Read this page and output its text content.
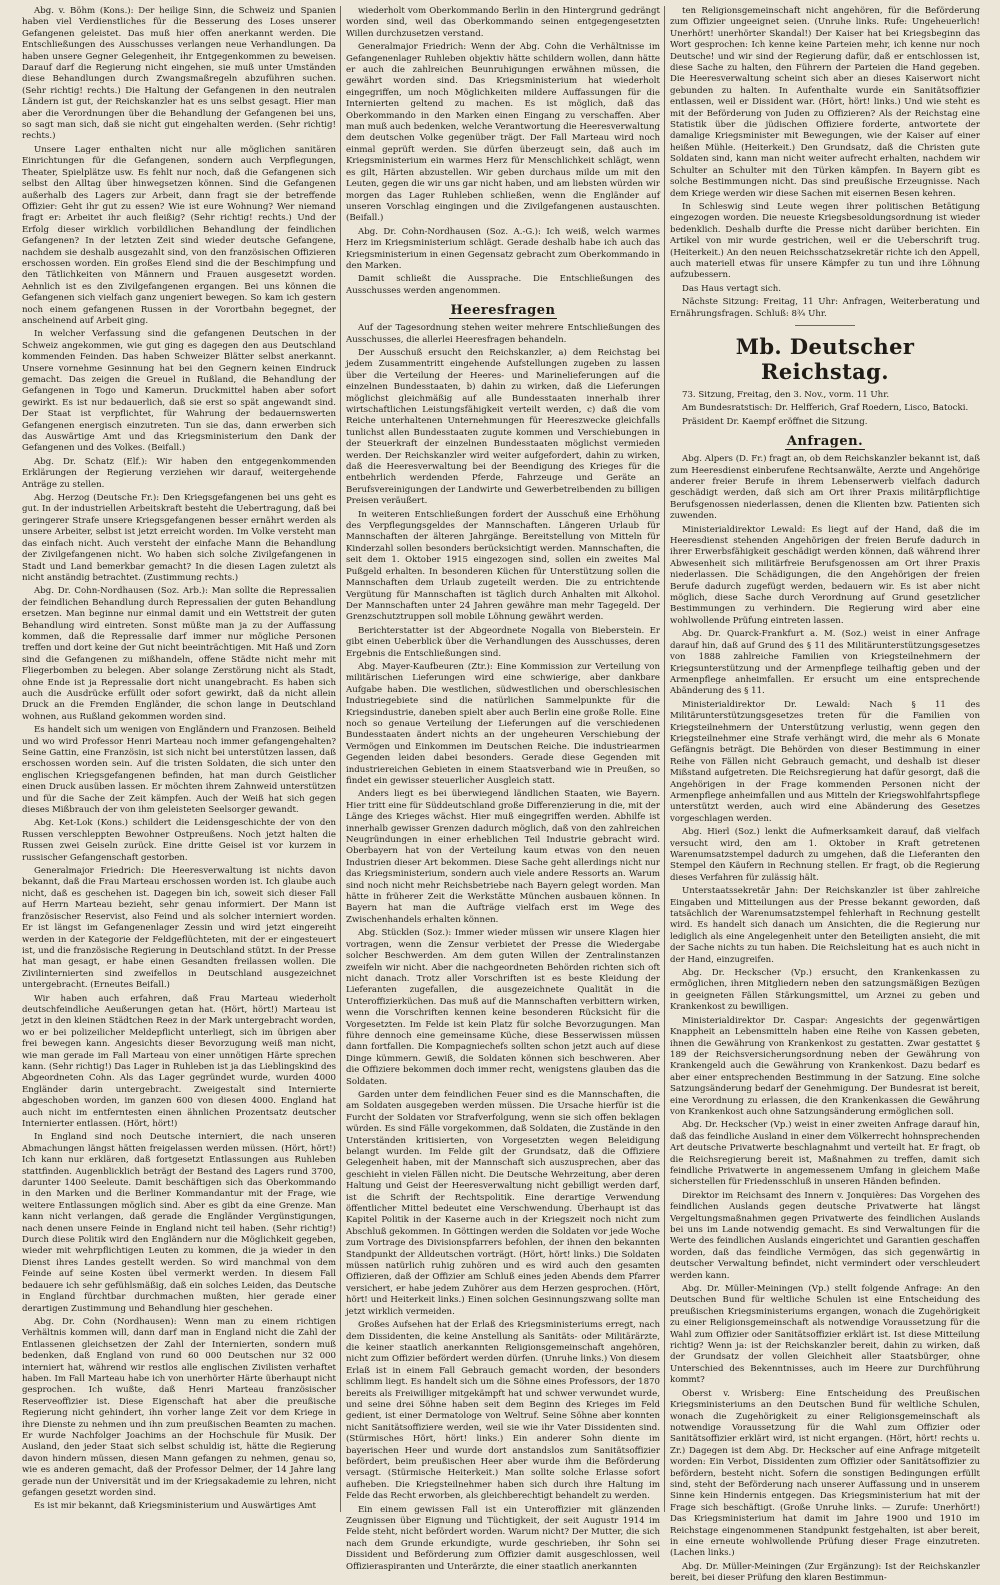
Abg. v. Böhm (Kons.): Der heilige Sinn, die Schweiz und Spanien haben viel Verdienstliches für die Besserung des Loses unserer Gefangenen geleistet. Das muß hier offen anerkannt werden. Die Entschließungen des Ausschusses verlangen neue Verhandlungen. Da haben unsere Gegner Gelegenheit, ihr Entgegenkommen zu beweisen. Darauf darf die Regierung nicht eingehen, sie muß unter Umständen diese Behandlungen durch Zwangsmaßregeln abzuführen suchen. (Sehr richtig! rechts.) Die Haltung der Gefangenen in den neutralen Ländern ist gut, der Reichskanzler hat es uns selbst gesagt. Hier man aber die Verordnungen über die Behandlung der Gefangenen bei uns, so sagt man sich, daß sie nicht gut eingehalten werden. (Sehr richtig! rechts.)

Unsere Lager enthalten nicht nur alle möglichen sanitären Einrichtungen für die Gefangenen, sondern auch Verpflegungen, Theater, Spielplätze usw. Es fehlt nur noch, daß die Gefangenen sich selbst den Alltag über hinwegsetzen können. Sind die Gefangenen außerhalb des Lagers zur Arbeit, dann fragt sie der betreffende Offizier: Geht ihr gut zu essen? Wie ist eure Wohnung? Wer niemand fragt er: Arbeitet ihr auch fleißig? (Sehr richtig! rechts.) Und der Erfolg dieser wirklich vorbildlichen Behandlung der feindlichen Gefangenen? In der letzten Zeit sind wieder deutsche Gefangene, nachdem sie deshalb ausgezahlt sind, von den französischen Offizieren erschossen worden. Ein großes Elend sind die der Beschimpfung und den Tätlichkeiten von Männern und Frauen ausgesetzt worden. Aehnlich ist es den Zivilgefangenen ergangen. Bei uns können die Gefangenen sich vielfach ganz ungeniert bewegen. So kam ich gestern noch einem gefangenen Russen in der Vorortbahn begegnet, der anscheinend auf Arbeit ging.

In welcher Verfassung sind die gefangenen Deutschen in der Schweiz angekommen, wie gut ging es dagegen den aus Deutschland kommenden Feinden. Das haben Schweizer Blätter selbst anerkannt. Unsere vornehme Gesinnung hat bei den Gegnern keinen Eindruck gemacht. Das zeigen die Greuel in Rußland, die Behandlung der Gefangenen in Togo und Kamerun. Druckmittel haben aber sofort gewirkt. Es ist nur bedauerlich, daß sie erst so spät angewandt sind. Der Staat ist verpflichtet, für Wahrung der bedauernswerten Gefangenen energisch einzutreten. Tun sie das, dann erwerben sich das Auswärtige Amt und das Kriegsministerium den Dank der Gefangenen und des Volkes. (Beifall.)

Abg. Dr. Schatz (Elf.): Wir haben den entgegenkommenden Erklärungen der Regierung verziehen wir darauf, weitergehende Anträge zu stellen.

Abg. Herzog (Deutsche Fr.): Den Kriegsgefangenen bei uns geht es gut. In der industriellen Arbeitskraft besteht die Uebertragung, daß bei geringerer Strafe unsere Kriegsgefangenen besser ernährt werden als unsere Arbeiter, selbst ist jetzt erreicht worden. Im Volke versteht man das einfach nicht. Auch versteht der einfache Mann die Behandlung der Zivilgefangenen nicht. Wo haben sich solche Zivilgefangenen in Stadt und Land bemerkbar gemacht? In die diesen Lagen zuletzt als nicht anständig betrachtet. (Zustimmung rechts.)

Abg. Dr. Cohn-Nordhausen (Soz. Arb.): Man sollte die Repressalien der feindlichen Behandlung durch Repressalien der guten Behandlung ersetzen. Man beginne nur einmal damit und ein Wettstreit der guten Behandlung wird eintreten. Sonst müßte man ja zu der Auffassung kommen, daß die Repressalie darf immer nur mögliche Personen treffen und dort keine der Gut nicht beeinträchtigen. Mit Haß und Zorn sind die Gefangenen zu mißhandeln, offene Städte nicht mehr mit Fliegerbomben zu belegen. Aber solange Zerstörung nicht als Stadt, ohne Ende ist ja Repressalie dort nicht unangebracht. Es haben sich auch die Ausdrücke erfüllt oder sofort gewirkt, daß da nicht allein Druck an die Fremden Engländer, die schon lange in Deutschland wohnen, aus Rußland gekommen worden sind.

Es handelt sich um wenigen von Engländern und Franzosen. Beiheld und wo wird Professor Henri Marteau noch immer gefangengehalten? Seine Gattin, eine Französin, ist sich nicht bei unterstützen lassen, daß erschossen worden sein. Auf die tristen Soldaten, die sich unter den englischen Kriegsgefangenen befinden, hat man durch Geistlicher einen Druck ausüben lassen. Er möchten ihrem Zahnweid unterstützen und für die Sache der Zeit kämpfen. Auch der Weiß hat sich gegen dieses Mißbrauch der von ihm geleisteten Seelsorger gewandt.

Abg. Ket-Lok (Kons.) schildert die Leidensgeschichte der von den Russen verschleppten Bewohner Ostpreußens. Noch jetzt halten die Russen zwei Geiseln zurück. Eine dritte Geisel ist vor kurzem in russischer Gefangenschaft gestorben.

Generalmajor Friedrich: Die Heeresverwaltung ist nichts davon bekannt, daß die Frau Marteau erschossen worden ist. Ich glaube auch nicht, daß es geschehen ist. Dagegen bin ich, soweit sich dieser Fall auf Herrn Marteau bezieht, sehr genau informiert. Der Mann ist französischer Reservist, also Feind und als solcher interniert worden. Er ist längst im Gefangenenlager Zessin und wird jetzt eingereiht werden in der Kategorie der Feldgeflüchteten, mit der er eingesteuert ist, und die französische Regierung in Deutschland stützt. In der Presse hat man gesagt, er habe einen Gesandten freilassen wollen. Die Zivilinternierten sind zweifellos in Deutschland ausgezeichnet untergebracht. (Erneutes Beifall.)

Wir haben auch erfahren, daß Frau Marteau wiederholt deutschfeindliche Aeußerungen getan hat. (Hört, hört!) Marteau ist jetzt in den kleinen Städtchen Reez in der Mark untergebracht worden, wo er bei polizeilicher Meldepflicht unterliegt, sich im übrigen aber frei bewegen kann. Angesichts dieser Bevorzugung weiß man nicht, wie man gerade im Fall Marteau von einer unnötigen Härte sprechen kann. (Sehr richtig!) Das Lager in Ruhleben ist ja das Lieblingskind des Abgeordneten Cohn. Als das Lager gegründet wurde, wurden 4000 Engländer darin untergebracht. Zweigestalt sind Internierte abgeschoben worden, im ganzen 600 von diesen 4000. England hat auch nicht im entferntesten einen ähnlichen Prozentsatz deutscher Internierter entlassen. (Hört, hört!)

In England sind noch Deutsche interniert, die nach unseren Abmachungen längst hätten freigelassen werden müssen. (Hört, hört!) Ich kann nur erklären, daß fortgesetzt Entlassungen aus Ruhleben stattfinden. Augenblicklich beträgt der Bestand des Lagers rund 3700, darunter 1400 Seeleute. Damit beschäftigen sich das Oberkommando in den Marken und die Berliner Kommandantur mit der Frage, wie weitere Entlassungen möglich sind. Aber es gibt da eine Grenze. Man kann nicht verlangen, daß gerade die Engländer Vergünstigungen, nach denen unsere Feinde in England nicht teil haben. (Sehr richtig!) Durch diese Politik wird den Engländern nur die Möglichkeit gegeben, wieder mit wehrpflichtigen Leuten zu kommen, die ja wieder in den Dienst ihres Landes gestellt werden. So wird manchmal von dem Feinde auf seine Kosten übel vermerkt werden. In diesem Fall bedauere ich sehr gefühlsmäßig, daß ein solches Leiden, das Deutsche in England fürchtbar durchmachen mußten, hier gerade einer derartigen Zustimmung und Behandlung hier geschehen.

Abg. Dr. Cohn (Nordhausen): Wenn man zu einem richtigen Verhältnis kommen will, dann darf man in England nicht die Zahl der Entlassenen gleichsetzen der Zahl der Internierten, sondern muß bedenken, daß England von rund 60 000 Deutschen nur 32 000 interniert hat, während wir restlos alle englischen Zivilisten verhaftet haben. Im Fall Marteau habe ich von unerhörter Härte überhaupt nicht gesprochen. Ich wußte, daß Henri Marteau französischer Reserveoffizier ist. Diese Eigenschaft hat aber die preußische Regierung nicht gehindert, ihn vorher lange Zeit vor dem Kriege in ihre Dienste zu nehmen und ihn zum preußischen Beamten zu machen. Er wurde Nachfolger Joachims an der Hochschule für Musik. Der Ausland, den jeder Staat sich selbst schuldig ist, hätte die Regierung davon hindern müssen, diesen Mann gefangen zu nehmen, genau so, wie es anderen gemacht, daß der Professor Delmer, der 14 Jahre lang gerade nun der Universität und im der Kriegsakademie zu lehren, nicht gefangen gesetzt worden sind.

Es ist mir bekannt, daß Kriegsministerium und Auswärtiges Amt

wiederholt vom Oberkommando Berlin in den Hintergrund gedrängt worden sind, weil das Oberkommando seinen entgegengesetzten Willen durchzusetzen verstand.

Generalmajor Friedrich: Wenn der Abg. Cohn die Verhältnisse im Gefangenenlager Ruhleben objektiv hätte schildern wollen, dann hätte er auch die zahlreichen Beunruhigungen erwähnen müssen, die gewährt worden sind. Das Kriegsministerium hat wiederholt eingegriffen, um noch Möglichkeiten mildere Auffassungen für die Internierten geltend zu machen. Es ist möglich, daß das Oberkommando in den Marken einen Eingang zu verschaffen. Aber man muß auch bedenken, welche Verantwortung die Heeresverwaltung dem deutschen Volke gegenüber trägt. Der Fall Marteau wird noch einmal geprüft werden. Sie dürfen überzeugt sein, daß auch im Kriegsministerium ein warmes Herz für Menschlichkeit schlägt, wenn es gilt, Härten abzustellen. Wir geben durchaus milde um mit den Leuten, gegen die wir uns gar nicht haben, und am liebsten würden wir morgen das Lager Ruhleben schließen, wenn die Engländer auf unseren Vorschlag eingingen und die Zivilgefangenen austauschten. (Beifall.)

Abg. Dr. Cohn-Nordhausen (Soz. A.-G.): Ich weiß, welch warmes Herz im Kriegsministerium schlägt. Gerade deshalb habe ich auch das Kriegsministerium in einen Gegensatz gebracht zum Oberkommando in den Marken.

Damit schließt die Aussprache. Die Entschließungen des Ausschusses werden angenommen.

Heeresfragen

Auf der Tagesordnung stehen weiter mehrere Entschließungen des Ausschusses, die allerlei Heeresfragen behandeln.

Der Ausschuß ersucht den Reichskanzler, a) dem Reichstag bei jedem Zusammentritt eingehende Aufstellungen zugeben zu lassen über die Verteilung der Heeres- und Marinelieferungen auf die einzelnen Bundesstaaten, b) dahin zu wirken, daß die Lieferungen möglichst gleichmäßig auf alle Bundesstaaten innerhalb ihrer wirtschaftlichen Leistungsfähigkeit verteilt werden, c) daß die vom Reiche unterhaltenen Unternehmungen für Heereszwecke gleichfalls tunlichst allen Bundesstaaten zugute kommen und Verschiebungen in der Steuerkraft der einzelnen Bundesstaaten möglichst vermieden werden. Der Reichskanzler wird weiter aufgefordert, dahin zu wirken, daß die Heeresverwaltung bei der Beendigung des Krieges für die entbehrlich werdenden Pferde, Fahrzeuge und Geräte an Berufsvereinigungen der Landwirte und Gewerbetreibenden zu billigen Preisen veräußert.

In weiteren Entschließungen fordert der Ausschuß eine Erhöhung des Verpflegungsgeldes der Mannschaften. Längeren Urlaub für Mannschaften der älteren Jahrgänge. Bereitstellung von Mitteln für Kinderzahl sollen besonders berücksichtigt werden. Mannschaften, die seit dem 1. Oktober 1915 eingezogen sind, sollen ein zweites Mal Pußgeld erhalten. In besonderen Küchen für Unterstützung sollen die Mannschaften dem Urlaub zugeteilt werden. Die zu entrichtende Vergütung für Mannschaften ist täglich durch Anhalten mit Alkohol. Der Mannschaften unter 24 Jahren gewähre man mehr Tagegeld. Der Grenzschutztruppen soll mobile Löhnung gewährt werden.

Berichterstatter ist der Abgeordnete Nogalla von Bieberstein. Er gibt einen Ueberblick über die Verhandlungen des Ausschusses, deren Ergebnis die Entschließungen sind.

Abg. Mayer-Kaufbeuren (Ztr.): Eine Kommission zur Verteilung von militärischen Lieferungen wird eine schwierige, aber dankbare Aufgabe haben. Die westlichen, südwestlichen und oberschlesischen Industriegebiete sind die natürlichen Sammelpunkte für die Kriegsindustrie, daneben spielt aber auch Berlin eine große Rolle. Eine noch so genaue Verteilung der Lieferungen auf die verschiedenen Bundesstaaten ändert nichts an der ungeheuren Verschiebung der Vermögen und Einkommen im Deutschen Reiche. Die industriearmen Gegenden leiden dabei besonders. Gerade diese Gegenden mit industriereichen Gebieten in einem Staatsverband wie in Preußen, so findet ein gewisser steuerlicher Ausgleich statt.

Anders liegt es bei überwiegend ländlichen Staaten, wie Bayern. Hier tritt eine für Süddeutschland große Differenzierung in die, mit der Länge des Krieges wächst. Hier muß eingegriffen werden. Abhilfe ist innerhalb gewisser Grenzen dadurch möglich, daß von den zahlreichen Neugründungen in einer erheblichen Teil Industrie gebracht wird. Oberbayern hat von der Verteilung kaum etwas von den neuen Industrien dieser Art bekommen. Diese Sache geht allerdings nicht nur das Kriegsministerium, sondern auch viele andere Ressorts an. Warum sind noch nicht mehr Reichsbetriebe nach Bayern gelegt worden. Man hätte in früherer Zeit die Werkstätte München ausbauen können. In Bayern hat man die Aufträge vielfach erst im Wege des Zwischenhandels erhalten können.

Abg. Stücklen (Soz.): Immer wieder müssen wir unsere Klagen hier vortragen, wenn die Zensur verbietet der Presse die Wiedergabe solcher Beschwerden. Am dem guten Willen der Zentralinstanzen zweifeln wir nicht. Aber die nachgeordneten Behörden richten sich oft nicht danach. Trotz aller Vorschriften ist es beste Kleidung der Lieferanten zugefallen, die ausgezeichnete Qualität in die Unteroffizierküchen. Das muß auf die Mannschaften verbittern wirken, wenn die Vorschriften kennen keine besonderen Rücksicht für die Vorgesetzten. Im Felde ist kein Platz für solche Bevorzugungen. Man führe dennoch eine gemeinsame Küche, diese Besserwissen müssen dann fortfallen. Die Kompagniechefs sollten schon jetzt auch auf diese Dinge kümmern. Gewiß, die Soldaten können sich beschweren. Aber die Offiziere bekommen doch immer recht, wenigstens glauben das die Soldaten.

Garden unter dem feindlichen Feuer sind es die Mannschaften, die am Soldaten ausgegeben werden müssen. Die Ursache hierfür ist die Furcht der Soldaten vor Strafverfolgung, wenn sie sich offen beklagen würden. Es sind Fälle vorgekommen, daß Soldaten, die Zustände in den Unterständen kritisierten, von Vorgesetzten wegen Beleidigung belangt wurden. Im Felde gilt der Grundsatz, daß die Offiziere Gelegenheit haben, mit der Mannschaft sich auszusprechen, aber das geschieht in vielen Fällen nicht. Die Deutsche Wehrzeitung, aber deren Haltung und Geist der Heeresverwaltung nicht gebilligt werden darf, ist die Schrift der Rechtspolitik. Eine derartige Verwendung öffentlicher Mittel bedeutet eine Verschwendung. Überhaupt ist das Kapitel Politik in der Kaserne auch in der Kriegszeit noch nicht zum Abschluß gekommen. In Göttingen werden die Soldaten vor jede Woche zum Vortrage des Divisionspfarrers befohlen, der ihnen den bekannten Standpunkt der Alldeutschen vorträgt. (Hört, hört! links.) Die Soldaten müssen natürlich ruhig zuhören und es wird auch den gesamten Offizieren, daß der Offizier am Schluß eines jeden Abends dem Pfarrer versichert, er habe jedem Zuhörer aus dem Herzen gesprochen. (Hört, hört! und Heiterkeit links.) Einen solchen Gesinnungszwang sollte man jetzt wirklich vermeiden.

Großes Aufsehen hat der Erlaß des Kriegsministeriums erregt, nach dem Dissidenten, die keine Anstellung als Sanitäts- oder Militärärzte, die keiner staatlich anerkannten Religionsgemeinschaft angehören, nicht zum Offizier befördert werden dürfen. (Unruhe links.) Von diesem Erlaß ist in einem Fall Gebrauch gemacht worden, der besonders schlimm liegt. Es handelt sich um die Söhne eines Professors, der 1870 bereits als Freiwilliger mitgekämpft hat und schwer verwundet wurde, und seine drei Söhne haben seit dem Beginn des Krieges im Feld gedient, ist einer Dermatologe von Weltruf. Seine Söhne aber konnten nicht Sanitätsoffiziere werden, weil sie wie ihr Vater Dissidenten sind. (Stürmisches Hört, hört! links.) Ein anderer Sohn diente im bayerischen Heer und wurde dort anstandslos zum Sanitätsoffizier befördert, beim preußischen Heer aber wurde ihm die Beförderung versagt. (Stürmische Heiterkeit.) Man sollte solche Erlasse sofort aufheben. Die Kriegsteilnehmer haben sich durch ihre Haltung im Felde das Recht erworben, als gleichberechtigt behandelt zu werden.

Ein einem gewissen Fall ist ein Unteroffizier mit glänzenden Zeugnissen über Eignung und Tüchtigkeit, der seit Augustr 1914 im Felde steht, nicht befördert worden. Warum nicht? Der Mutter, die sich nach dem Grunde erkundigte, wurde geschrieben, ihr Sohn sei Dissident und Beförderung zum Offizier damit ausgeschlossen, weil Offizieraspiranten und Unterärzte, die einer staatlich anerkannten

ten Religionsgemeinschaft nicht angehören, für die Beförderung zum Offizier ungeeignet seien. (Unruhe links. Rufe: Ungeheuerlich! Unerhört! unerhörter Skandal!) Der Kaiser hat bei Kriegsbeginn das Wort gesprochen: Ich kenne keine Parteien mehr, ich kenne nur noch Deutsche! und wir sind der Regierung dafür, daß er entschlossen ist, diese Sache zu halten, den Führern der Parteien die Hand gegeben. Die Heeresverwaltung scheint sich aber an dieses Kaiserwort nicht gebunden zu halten. In Aufenthalte wurde ein Sanitätsoffizier entlassen, weil er Dissident war. (Hört, hört! links.) Und wie steht es mit der Beförderung von Juden zu Offizieren? Als der Reichstag eine Statistik über die jüdischen Offiziere forderte, antwortete der damalige Kriegsminister mit Bewegungen, wie der Kaiser auf einer heißen Mühle. (Heiterkeit.) Den Grundsatz, daß die Christen gute Soldaten sind, kann man nicht weiter aufrecht erhalten, nachdem wir Schulter an Schulter mit den Türken kämpfen. In Bayern gibt es solche Bestimmungen nicht. Das sind preußische Erzeugnisse. Nach dem Kriege werden wir diese Sachen mit eisernen Besen kehren.

In Schleswig sind Leute wegen ihrer politischen Betätigung eingezogen worden. Die neueste Kriegsbesoldungsordnung ist wieder bedenklich. Deshalb durfte die Presse nicht darüber berichten. Ein Artikel von mir wurde gestrichen, weil er die Ueberschrift trug. (Heiterkeit.) An den neuen Reichsschatzsekretär richte ich den Appell, auch materiell etwas für unsere Kämpfer zu tun und ihre Löhnung aufzubessern.

Das Haus vertagt sich.

Nächste Sitzung: Freitag, 11 Uhr: Anfragen, Weiterberatung und Ernährungsfragen. Schluß: 8¾ Uhr.

Mb. Deutscher Reichstag.

73. Sitzung, Freitag, den 3. Nov., vorm. 11 Uhr.

Am Bundesratstisch: Dr. Helfferich, Graf Roedern, Lisco, Batocki.

Präsident Dr. Kaempf eröffnet die Sitzung.

Anfragen.

Abg. Alpers (D. Fr.) fragt an, ob dem Reichskanzler bekannt ist, daß zum Heeresdienst einberufene Rechtsanwälte, Aerzte und Angehörige anderer freier Berufe in ihrem Lebenserwerb vielfach dadurch geschädigt werden, daß sich am Ort ihrer Praxis militärpflichtige Berufsgenossen niederlassen, denen die Klienten bzw. Patienten sich zuwenden.

Ministerialdirektor Lewald: Es liegt auf der Hand, daß die im Heeresdienst stehenden Angehörigen der freien Berufe dadurch in ihrer Erwerbsfähigkeit geschädigt werden können, daß während ihrer Abwesenheit sich militärfreie Berufsgenossen am Ort ihrer Praxis niederlassen. Die Schädigungen, die den Angehörigen der freien Berufe dadurch zugefügt werden, bedauern wir. Es ist aber nicht möglich, diese Sache durch Verordnung auf Grund gesetzlicher Bestimmungen zu verhindern. Die Regierung wird aber eine wohlwollende Prüfung eintreten lassen.

Abg. Dr. Quarck-Frankfurt a. M. (Soz.) weist in einer Anfrage darauf hin, daß auf Grund des § 11 des Militärunterstützungsgesetzes von 1888 zahlreiche Familien von Kriegsteilnehmern der Kriegsunterstützung und der Armenpflege teilhaftig geben und der Armenpflege anheimfallen. Er ersucht um eine entsprechende Abänderung des § 11.

Ministerialdirektor Dr. Lewald: Nach § 11 des Militärunterstützungsgesetzes treten für die Familien von Kriegsteilnehmern der Unterstützung verlustig, wenn gegen den Kriegsteilnehmer eine Strafe verhängt wird, die mehr als 6 Monate Gefängnis beträgt. Die Behörden von dieser Bestimmung in einer Reihe von Fällen nicht Gebrauch gemacht, und deshalb ist dieser Mißstand aufgetreten. Die Reichsregierung hat dafür gesorgt, daß die Angehörigen in der Frage kommenden Personen nicht der Armenpflege anheimfallen und aus Mitteln der Kriegswohlfahrtspflege unterstützt werden, auch wird eine Abänderung des Gesetzes vorgeschlagen werden.

Abg. Hierl (Soz.) lenkt die Aufmerksamkeit darauf, daß vielfach versucht wird, den am 1. Oktober in Kraft getretenen Warenumsatzstempel dadurch zu umgehen, daß die Lieferanten den Stempel den Käufern in Rechnung stellen. Er fragt, ob die Regierung dieses Verfahren für zulässig hält.

Unterstaatssekretär Jahn: Der Reichskanzler ist über zahlreiche Eingaben und Mitteilungen aus der Presse bekannt geworden, daß tatsächlich der Warenumsatzstempel fehlerhaft in Rechnung gestellt wird. Es handelt sich danach um Ansichten, die die Regierung nur lediglich als eine Angelegenheit unter den Beteiligten ansieht, die mit der Sache nichts zu tun haben. Die Reichsleitung hat es auch nicht in der Hand, einzugreifen.

Abg. Dr. Heckscher (Vp.) ersucht, den Krankenkassen zu ermöglichen, ihren Mitgliedern neben den satzungsmäßigen Bezügen in geeigneten Fällen Stärkungsmittel, um Arznei zu geben und Krankenkost zu bewilligen.

Ministerialdirektor Dr. Caspar: Angesichts der gegenwärtigen Knappheit an Lebensmitteln haben eine Reihe von Kassen gebeten, ihnen die Gewährung von Krankenkost zu gestatten. Zwar gestattet § 189 der Reichsversicherungsordnung neben der Gewährung von Krankengeld auch die Gewährung von Krankenkost. Dazu bedarf es aber einer entsprechenden Bestimmung in der Satzung. Eine solche Satzungsänderung bedarf der Genehmigung. Der Bundesrat ist bereit, eine Verordnung zu erlassen, die den Krankenkassen die Gewährung von Krankenkost auch ohne Satzungsänderung ermöglichen soll.

Abg. Dr. Heckscher (Vp.) weist in einer zweiten Anfrage darauf hin, daß das feindliche Ausland in einer dem Völkerrecht hohnsprechenden Art deutsche Privatwerte beschlagnahmt und verteilt hat. Er fragt, ob die Reichsregierung bereit ist, Maßnahmen zu treffen, damit sich feindliche Privatwerte in angemessenem Umfang in gleichem Maße sicherstellen für Friedensschluß in unseren Händen befinden.

Direktor im Reichsamt des Innern v. Jonquières: Das Vorgehen des feindlichen Auslands gegen deutsche Privatwerte hat längst Vergeltungsmaßnahmen gegen Privatwerte des feindlichen Auslands bei uns im Lande notwendig gemacht. Es sind Verwaltungen für die Werte des feindlichen Auslands eingerichtet und Garantien geschaffen worden, daß das feindliche Vermögen, das sich gegenwärtig in deutscher Verwaltung befindet, nicht vermindert oder verschleudert werden kann.

Abg. Dr. Müller-Meiningen (Vp.) stellt folgende Anfrage: An den Deutschen Bund für weltliche Schulen ist eine Entscheidung des preußischen Kriegsministeriums ergangen, wonach die Zugehörigkeit zu einer Religionsgemeinschaft als notwendige Voraussetzung für die Wahl zum Offizier oder Sanitätsoffizier erklärt ist. Ist diese Mitteilung richtig? Wenn ja: ist der Reichskanzler bereit, dahin zu wirken, daß der Grundsatz der vollen Gleichheit aller Staatsbürger, ohne Unterschied des Bekenntnisses, auch im Heere zur Durchführung kommt?

Oberst v. Wrisberg: Eine Entscheidung des Preußischen Kriegsministeriums an den Deutschen Bund für weltliche Schulen, wonach die Zugehörigkeit zu einer Religionsgemeinschaft als notwendige Voraussetzung für die Wahl zum Offizier oder Sanitätsoffizier erklärt wird, ist nicht ergangen. (Hört, hört! rechts u. Zr.) Dagegen ist dem Abg. Dr. Heckscher auf eine Anfrage mitgeteilt worden: Ein Verbot, Dissidenten zum Offizier oder Sanitätsoffizier zu befördern, besteht nicht. Sofern die sonstigen Bedingungen erfüllt sind, steht der Beförderung nach unserer Auffassung und in unserem Sinne kein Hindernis entgegen. Das Kriegsministerium hat mit der Frage sich beschäftigt. (Große Unruhe links. — Zurufe: Unerhört!) Das Kriegsministerium hat damit im Jahre 1900 und 1910 im Reichstage eingenommenen Standpunkt festgehalten, ist aber bereit, in eine erneute wohlwollende Prüfung dieser Frage einzutreten. (Lachen links.)

Abg. Dr. Müller-Meiningen (Zur Ergänzung): Ist der Reichskanzler bereit, bei dieser Prüfung den klaren Bestimmun-
